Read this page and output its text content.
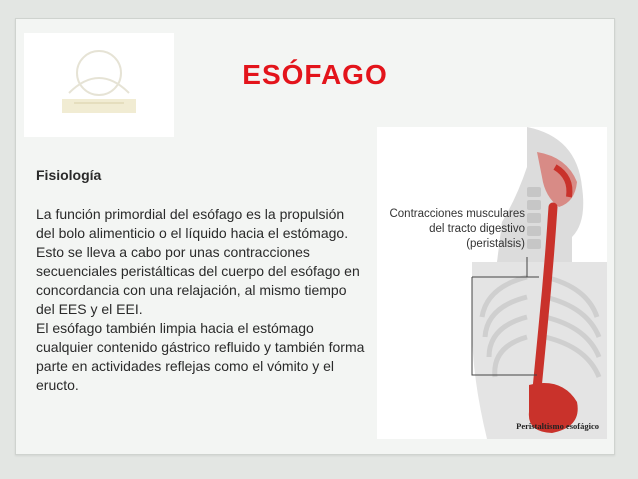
ESÓFAGO
Fisiología

La función primordial del esófago es la propulsión del bolo alimenticio o el líquido hacia el estómago. Esto se lleva a cabo por unas contracciones secuenciales peristálticas del cuerpo del esófago en concordancia con una relajación, al mismo tiempo del EES y el EEI.

El esófago también limpia hacia el estómago cualquier contenido gástrico refluido y también forma parte en actividades reflejas como el vómito y el eructo.

Contracciones musculares
del tracto digestivo
(peristalsis)
Peristaltismo esofágico
